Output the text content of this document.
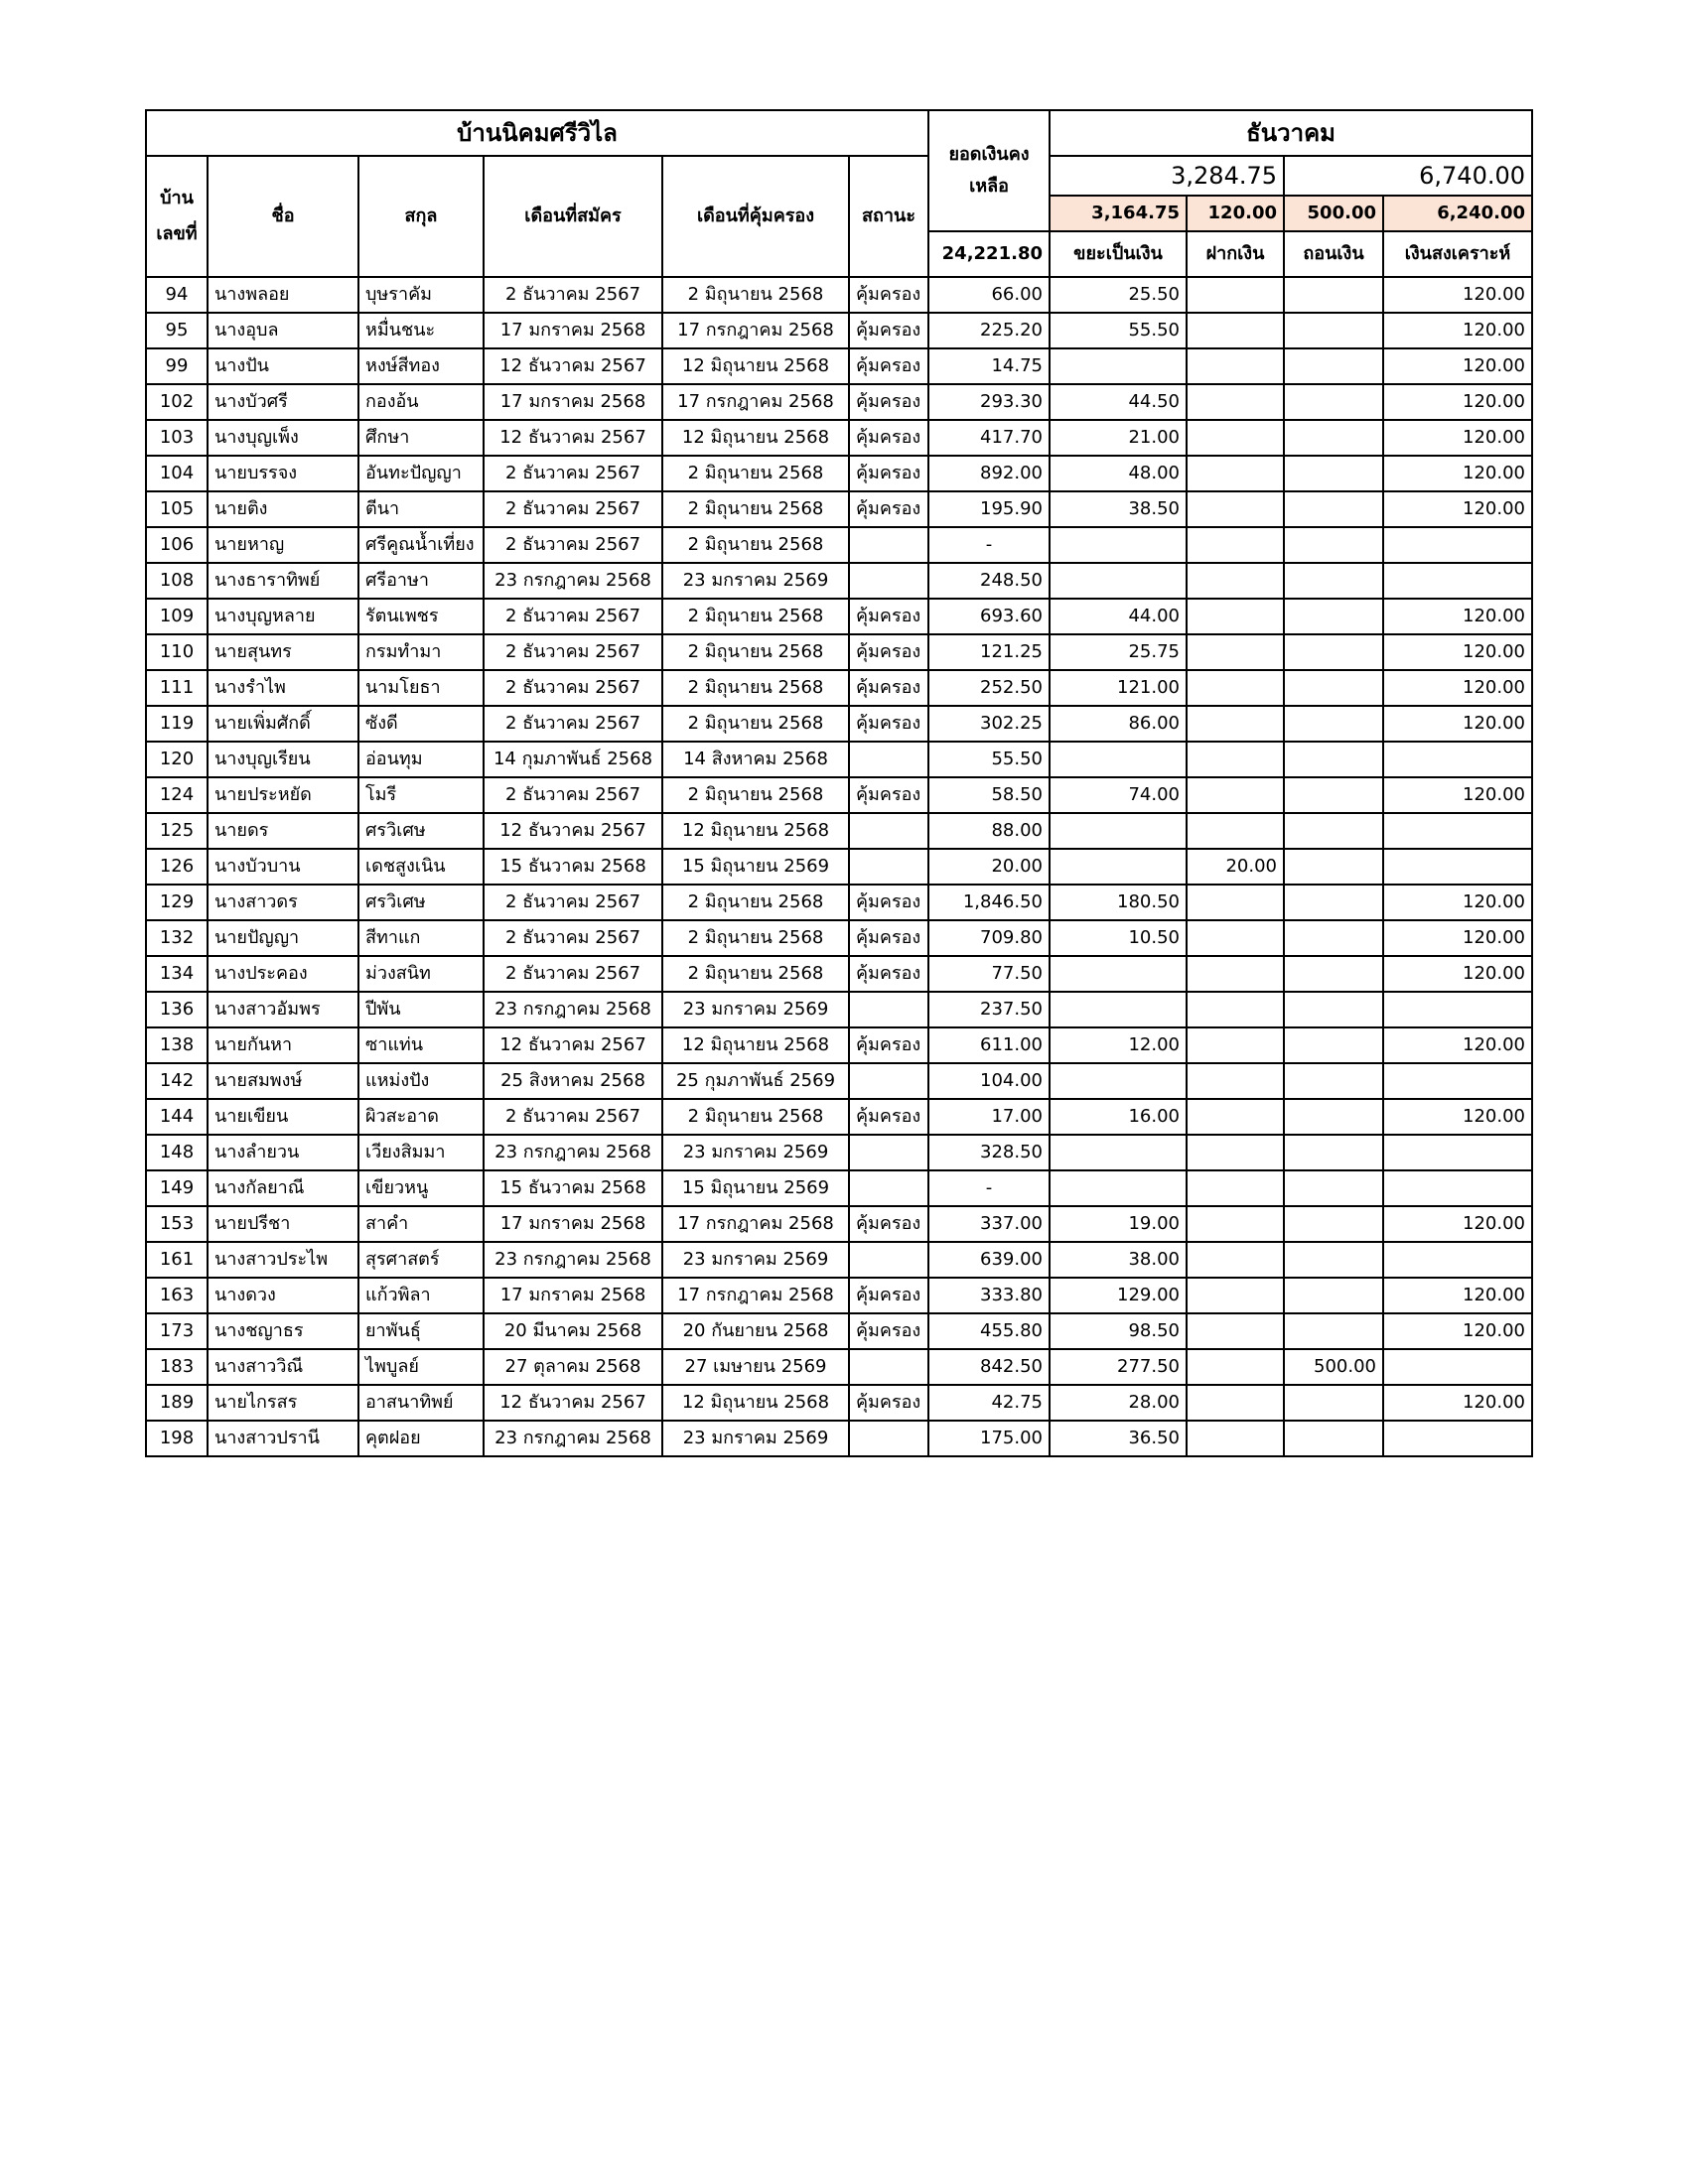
บ้านนิคมศรีวิไล						ยอดเงินคงเหลือ	ธันวาคม			
บ้านเลขที่	ชื่อ	สกุล	เดือนที่สมัคร	เดือนที่คุ้มครอง	สถานะ		3,284.75		6,740.00	
							3,164.75	120.00	500.00	6,240.00
						24,221.80	ขยะเป็นเงิน	ฝากเงิน	ถอนเงิน	เงินสงเคราะห์
94	นางพลอย	บุษราคัม	2 ธันวาคม 2567	2 มิถุนายน 2568	คุ้มครอง	66.00	25.50			120.00
95	นางอุบล	หมื่นชนะ	17 มกราคม 2568	17 กรกฎาคม 2568	คุ้มครอง	225.20	55.50			120.00
99	นางปัน	หงษ์สีทอง	12 ธันวาคม 2567	12 มิถุนายน 2568	คุ้มครอง	14.75				120.00
102	นางบัวศรี	กองอ้น	17 มกราคม 2568	17 กรกฎาคม 2568	คุ้มครอง	293.30	44.50			120.00
103	นางบุญเพ็ง	ศึกษา	12 ธันวาคม 2567	12 มิถุนายน 2568	คุ้มครอง	417.70	21.00			120.00
104	นายบรรจง	อันทะปัญญา	2 ธันวาคม 2567	2 มิถุนายน 2568	คุ้มครอง	892.00	48.00			120.00
105	นายติง	ตีนา	2 ธันวาคม 2567	2 มิถุนายน 2568	คุ้มครอง	195.90	38.50			120.00
106	นายหาญ	ศรีคูณน้ำเที่ยง	2 ธันวาคม 2567	2 มิถุนายน 2568		-				
108	นางธาราทิพย์	ศรีอาษา	23 กรกฎาคม 2568	23 มกราคม 2569		248.50				
109	นางบุญหลาย	รัตนเพชร	2 ธันวาคม 2567	2 มิถุนายน 2568	คุ้มครอง	693.60	44.00			120.00
110	นายสุนทร	กรมทำมา	2 ธันวาคม 2567	2 มิถุนายน 2568	คุ้มครอง	121.25	25.75			120.00
111	นางรำไพ	นามโยธา	2 ธันวาคม 2567	2 มิถุนายน 2568	คุ้มครอง	252.50	121.00			120.00
119	นายเพิ่มศักดิ์	ซังดี	2 ธันวาคม 2567	2 มิถุนายน 2568	คุ้มครอง	302.25	86.00			120.00
120	นางบุญเรียน	อ่อนทุม	14 กุมภาพันธ์ 2568	14 สิงหาคม 2568		55.50				
124	นายประหยัด	โมรี	2 ธันวาคม 2567	2 มิถุนายน 2568	คุ้มครอง	58.50	74.00			120.00
125	นายดร	ศรวิเศษ	12 ธันวาคม 2567	12 มิถุนายน 2568		88.00				
126	นางบัวบาน	เดชสูงเนิน	15 ธันวาคม 2568	15 มิถุนายน 2569		20.00		20.00		
129	นางสาวดร	ศรวิเศษ	2 ธันวาคม 2567	2 มิถุนายน 2568	คุ้มครอง	1,846.50	180.50			120.00
132	นายปัญญา	สีทาแก	2 ธันวาคม 2567	2 มิถุนายน 2568	คุ้มครอง	709.80	10.50			120.00
134	นางประคอง	ม่วงสนิท	2 ธันวาคม 2567	2 มิถุนายน 2568	คุ้มครอง	77.50				120.00
136	นางสาวอัมพร	ปีพัน	23 กรกฎาคม 2568	23 มกราคม 2569		237.50				
138	นายกันหา	ซาแท่น	12 ธันวาคม 2567	12 มิถุนายน 2568	คุ้มครอง	611.00	12.00			120.00
142	นายสมพงษ์	แหม่งปัง	25 สิงหาคม 2568	25 กุมภาพันธ์ 2569		104.00				
144	นายเขียน	ผิวสะอาด	2 ธันวาคม 2567	2 มิถุนายน 2568	คุ้มครอง	17.00	16.00			120.00
148	นางลำยวน	เวียงสิมมา	23 กรกฎาคม 2568	23 มกราคม 2569		328.50				
149	นางกัลยาณี	เขียวหนู	15 ธันวาคม 2568	15 มิถุนายน 2569		-				
153	นายปรีชา	สาคำ	17 มกราคม 2568	17 กรกฎาคม 2568	คุ้มครอง	337.00	19.00			120.00
161	นางสาวประไพ	สุรศาสตร์	23 กรกฎาคม 2568	23 มกราคม 2569		639.00	38.00			
163	นางดวง	แก้วพิลา	17 มกราคม 2568	17 กรกฎาคม 2568	คุ้มครอง	333.80	129.00			120.00
173	นางชญาธร	ยาพันธุ์	20 มีนาคม 2568	20 กันยายน 2568	คุ้มครอง	455.80	98.50			120.00
183	นางสาววิณี	ไพบูลย์	27 ตุลาคม 2568	27 เมษายน 2569		842.50	277.50		500.00	
189	นายไกรสร	อาสนาทิพย์	12 ธันวาคม 2567	12 มิถุนายน 2568	คุ้มครอง	42.75	28.00			120.00
198	นางสาวปรานี	คุตฝอย	23 กรกฎาคม 2568	23 มกราคม 2569		175.00	36.50			
